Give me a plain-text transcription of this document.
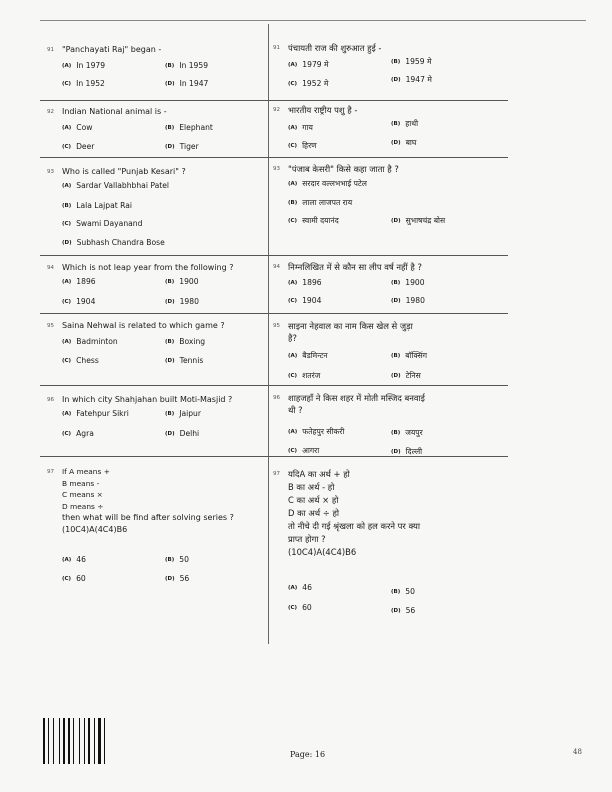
91 "Panchayati Raj" began -
(A) In 1979	(B) In 1959
(C) In 1952	(D) In 1947
92 Indian National animal is -
(A) Cow	(B) Elephant
(C) Deer	(D) Tiger
93 Who is called "Punjab Kesari" ?
(A) Sardar Vallabhbhai Patel
(B) Lala Lajpat Rai
(C) Swami Dayanand
(D) Subhash Chandra Bose
94 Which is not leap year from the following ?
(A) 1896	(B) 1900
(C) 1904	(D) 1980
95 Saina Nehwal is related to which game ?
(A) Badminton	(B) Boxing
(C) Chess	(D) Tennis
96 In which city Shahjahan built Moti-Masjid ?
(A) Fatehpur Sikri	(B) Jaipur
(C) Agra	(D) Delhi
97 If A means +
B means -
C means ×
D means ÷
then what will be find after solving series ?
(10C4)A(4C4)B6
(A) 46	(B) 50
(C) 60	(D) 56
91 पंचायती राज की शुरुआत हुई -
(A) 1979 मे	(B) 1959 मे
(C) 1952 मे	(D) 1947 मे
92 भारतीय राष्ट्रीय पशु है -
(A) गाय	(B) हाथी
(C) हिरण	(D) बाघ
93 "पंजाब केसरी" किसे कहा जाता है ?
(A) सरदार वल्लभभाई पटेल
(B) लाला लाजपत राय
(C) स्वामी दयानंद	(D) सुभाषचंद्र बोस
94 निम्नलिखित में से कौन सा लीप वर्ष नहीं है ?
(A) 1896	(B) 1900
(C) 1904	(D) 1980
95 साइना नेहवाल का नाम किस खेल से जुड़ा
है?
(A) बैडमिन्टन	(B) बॉक्सिंग
(C) शतरंज	(D) टेनिस
96 शाहजहाँ ने किस शहर में मोती मस्जिद बनवाई
थी ?
(A) फतेहपुर सीकरी	(B) जयपुर
(C) आगरा	(D) दिल्ली
97 यदिA का अर्थ + हो
B का अर्थ - हो
C का अर्थ × हो
D का अर्थ ÷ हो
तो नीचे दी गई श्रृंखला को हल करने पर क्या
प्राप्त होगा ?
(10C4)A(4C4)B6
(A) 46	(B) 50
(C) 60	(D) 56
Page: 16	48
